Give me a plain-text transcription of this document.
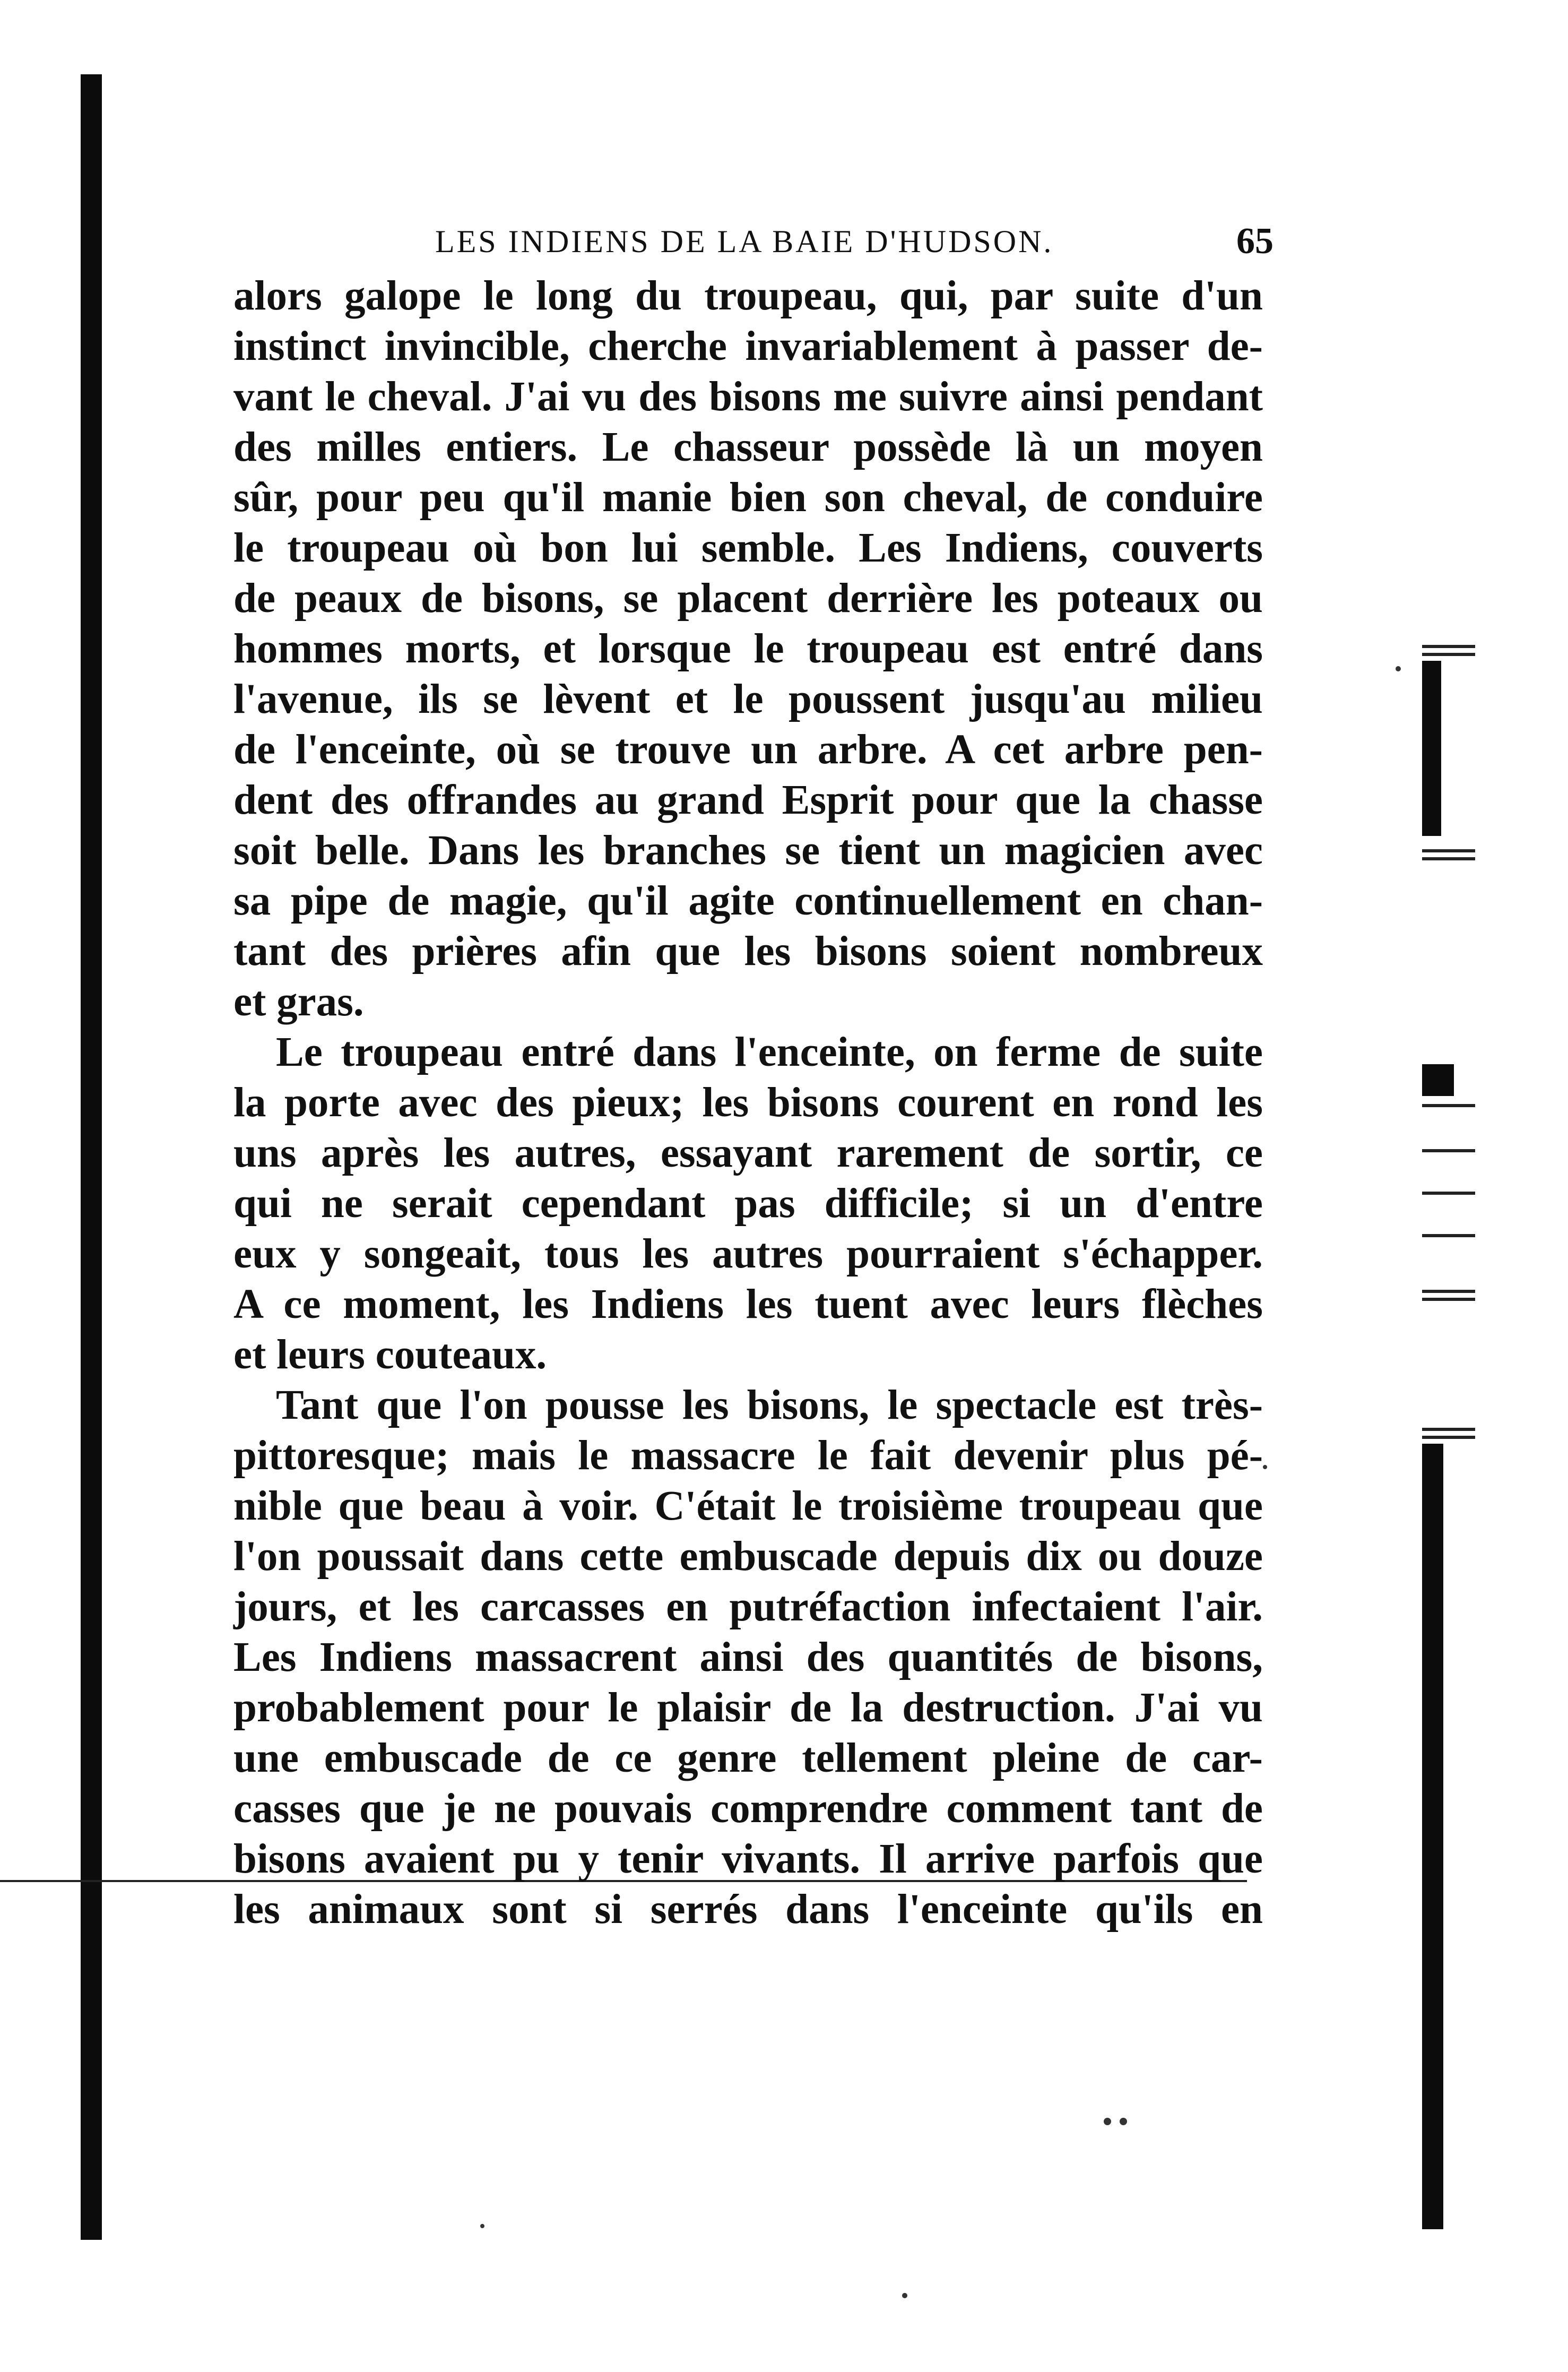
LES INDIENS DE LA BAIE D'HUDSON.	65
alors galope le long du troupeau, qui, par suite d'un
instinct invincible, cherche invariablement à passer de-
vant le cheval. J'ai vu des bisons me suivre ainsi pendant
des milles entiers. Le chasseur possède là un moyen
sûr, pour peu qu'il manie bien son cheval, de conduire
le troupeau où bon lui semble. Les Indiens, couverts
de peaux de bisons, se placent derrière les poteaux ou
hommes morts, et lorsque le troupeau est entré dans
l'avenue, ils se lèvent et le poussent jusqu'au milieu
de l'enceinte, où se trouve un arbre. A cet arbre pen-
dent des offrandes au grand Esprit pour que la chasse
soit belle. Dans les branches se tient un magicien avec
sa pipe de magie, qu'il agite continuellement en chan-
tant des prières afin que les bisons soient nombreux
et gras.
Le troupeau entré dans l'enceinte, on ferme de suite
la porte avec des pieux; les bisons courent en rond les
uns après les autres, essayant rarement de sortir, ce
qui ne serait cependant pas difficile; si un d'entre
eux y songeait, tous les autres pourraient s'échapper.
A ce moment, les Indiens les tuent avec leurs flèches
et leurs couteaux.
Tant que l'on pousse les bisons, le spectacle est très-
pittoresque; mais le massacre le fait devenir plus pé-
nible que beau à voir. C'était le troisième troupeau que
l'on poussait dans cette embuscade depuis dix ou douze
jours, et les carcasses en putréfaction infectaient l'air.
Les Indiens massacrent ainsi des quantités de bisons,
probablement pour le plaisir de la destruction. J'ai vu
une embuscade de ce genre tellement pleine de car-
casses que je ne pouvais comprendre comment tant de
bisons avaient pu y tenir vivants. Il arrive parfois que
les animaux sont si serrés dans l'enceinte qu'ils en
